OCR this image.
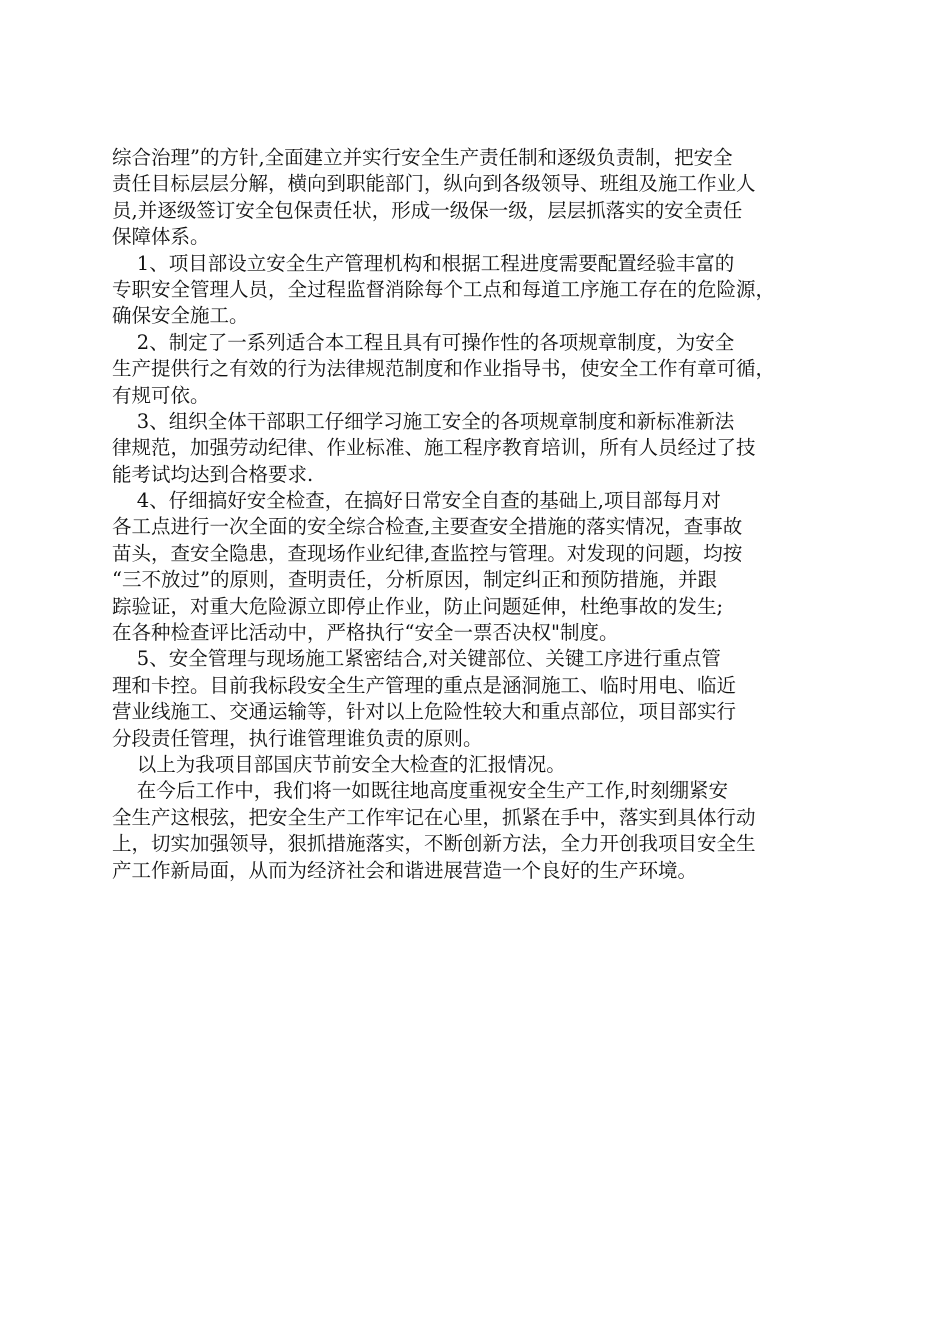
综合治理”的方针,全面建立并实行安全生产责任制和逐级负责制，把安全
责任目标层层分解，横向到职能部门，纵向到各级领导、班组及施工作业人
员,并逐级签订安全包保责任状，形成一级保一级，层层抓落实的安全责任
保障体系。
1、项目部设立安全生产管理机构和根据工程进度需要配置经验丰富的
专职安全管理人员，全过程监督消除每个工点和每道工序施工存在的危险源，
确保安全施工。
2、制定了一系列适合本工程且具有可操作性的各项规章制度，为安全
生产提供行之有效的行为法律规范制度和作业指导书，使安全工作有章可循，
有规可依。
3、组织全体干部职工仔细学习施工安全的各项规章制度和新标准新法
律规范，加强劳动纪律、作业标准、施工程序教育培训，所有人员经过了技
能考试均达到合格要求.
4、仔细搞好安全检查，在搞好日常安全自查的基础上,项目部每月对
各工点进行一次全面的安全综合检查,主要查安全措施的落实情况，查事故
苗头，查安全隐患，查现场作业纪律,查监控与管理。对发现的问题，均按
“三不放过”的原则，查明责任，分析原因，制定纠正和预防措施，并跟
踪验证，对重大危险源立即停止作业，防止问题延伸，杜绝事故的发生;
在各种检查评比活动中，严格执行“安全一票否决权"制度。
5、安全管理与现场施工紧密结合,对关键部位、关键工序进行重点管
理和卡控。目前我标段安全生产管理的重点是涵洞施工、临时用电、临近
营业线施工、交通运输等，针对以上危险性较大和重点部位，项目部实行
分段责任管理，执行谁管理谁负责的原则。
以上为我项目部国庆节前安全大检查的汇报情况。
在今后工作中，我们将一如既往地高度重视安全生产工作,时刻绷紧安
全生产这根弦，把安全生产工作牢记在心里，抓紧在手中，落实到具体行动
上，切实加强领导，狠抓措施落实，不断创新方法，全力开创我项目安全生
产工作新局面，从而为经济社会和谐进展营造一个良好的生产环境。
